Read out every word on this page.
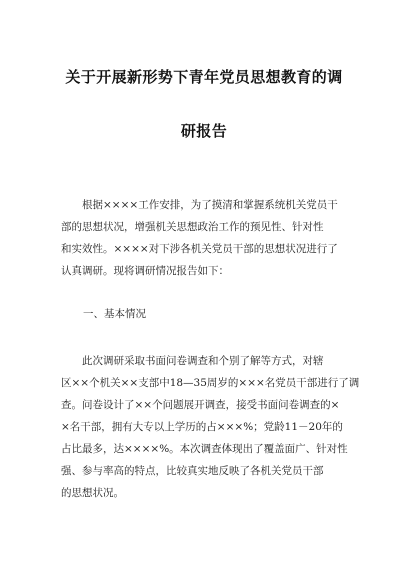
关于开展新形势下青年党员思想教育的调
研报告
根据××××工作安排，为了摸清和掌握系统机关党员干
部的思想状况，增强机关思想政治工作的预见性、针对性
和实效性。××××对下涉各机关党员干部的思想状况进行了
认真调研。现将调研情况报告如下：
一、基本情况
此次调研采取书面问卷调查和个别了解等方式，对辖
区××个机关××支部中18—35周岁的×××名党员干部进行了调
查。问卷设计了××个问题展开调查，接受书面问卷调查的×
×名干部，拥有大专以上学历的占×××%；党龄11－20年的
占比最多，达××××%。本次调查体现出了覆盖面广、针对性
强、参与率高的特点，比较真实地反映了各机关党员干部
的思想状况。
